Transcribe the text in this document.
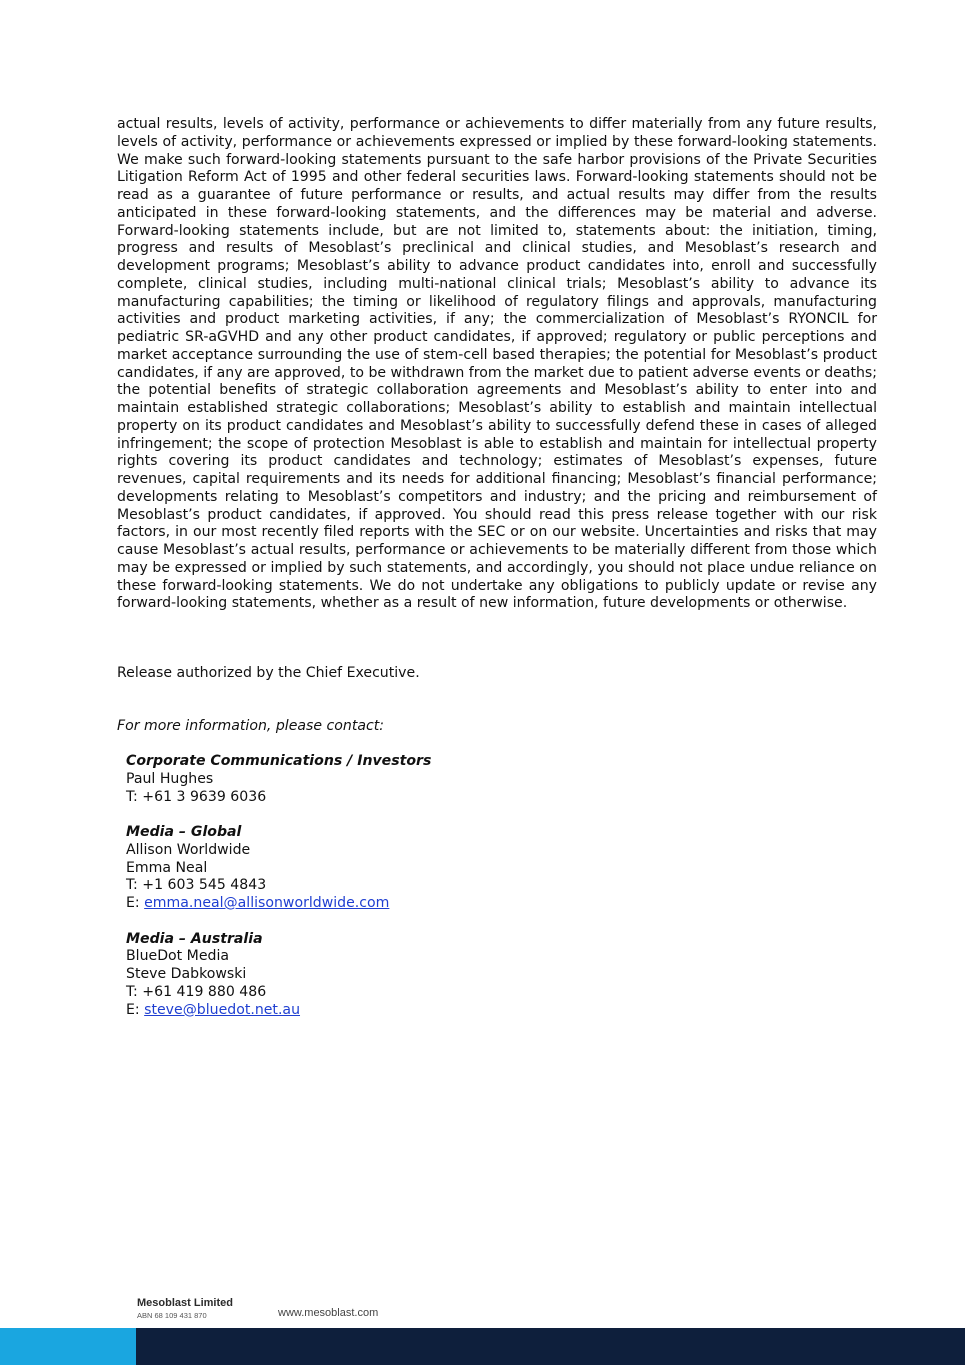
actual results, levels of activity, performance or achievements to differ materially from any future results, levels of activity, performance or achievements expressed or implied by these forward-looking statements. We make such forward-looking statements pursuant to the safe harbor provisions of the Private Securities Litigation Reform Act of 1995 and other federal securities laws. Forward-looking statements should not be read as a guarantee of future performance or results, and actual results may differ from the results anticipated in these forward-looking statements, and the differences may be material and adverse. Forward-looking statements include, but are not limited to, statements about: the initiation, timing, progress and results of Mesoblast’s preclinical and clinical studies, and Mesoblast’s research and development programs; Mesoblast’s ability to advance product candidates into, enroll and successfully complete, clinical studies, including multi-national clinical trials; Mesoblast’s ability to advance its manufacturing capabilities; the timing or likelihood of regulatory filings and approvals, manufacturing activities and product marketing activities, if any; the commercialization of Mesoblast’s RYONCIL for pediatric SR-aGVHD and any other product candidates, if approved; regulatory or public perceptions and market acceptance surrounding the use of stem-cell based therapies; the potential for Mesoblast’s product candidates, if any are approved, to be withdrawn from the market due to patient adverse events or deaths; the potential benefits of strategic collaboration agreements and Mesoblast’s ability to enter into and maintain established strategic collaborations; Mesoblast’s ability to establish and maintain intellectual property on its product candidates and Mesoblast’s ability to successfully defend these in cases of alleged infringement; the scope of protection Mesoblast is able to establish and maintain for intellectual property rights covering its product candidates and technology; estimates of Mesoblast’s expenses, future revenues, capital requirements and its needs for additional financing; Mesoblast’s financial performance; developments relating to Mesoblast’s competitors and industry; and the pricing and reimbursement of Mesoblast’s product candidates, if approved. You should read this press release together with our risk factors, in our most recently filed reports with the SEC or on our website. Uncertainties and risks that may cause Mesoblast’s actual results, performance or achievements to be materially different from those which may be expressed or implied by such statements, and accordingly, you should not place undue reliance on these forward-looking statements. We do not undertake any obligations to publicly update or revise any forward-looking statements, whether as a result of new information, future developments or otherwise.

Release authorized by the Chief Executive.

For more information, please contact:

Corporate Communications / Investors
Paul Hughes
T: +61 3 9639 6036
Media – Global
Allison Worldwide
Emma Neal
T: +1 603 545 4843
E: emma.neal@allisonworldwide.com
Media – Australia
BlueDot Media
Steve Dabkowski
T: +61 419 880 486
E: steve@bluedot.net.au
Mesoblast Limited
ABN 68 109 431 870	www.mesoblast.com
